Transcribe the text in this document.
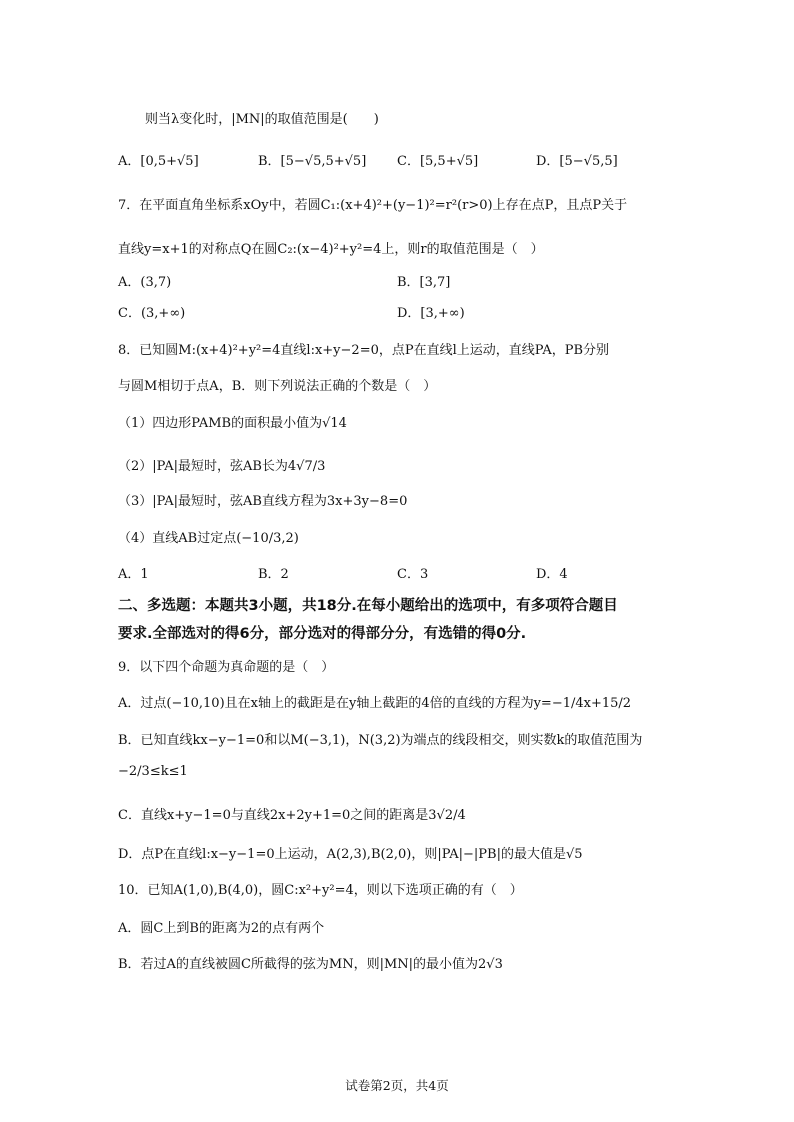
则当λ变化时，|MN|的取值范围是(　　)
A．[0,5+√5]	B．[5−√5,5+√5] C．[5,5+√5]	D．[5−√5,5]
7．在平面直角坐标系xOy中，若圆C₁:(x+4)²+(y−1)²=r²(r>0)上存在点P，且点P关于
直线y=x+1的对称点Q在圆C₂:(x−4)²+y²=4上，则r的取值范围是（　）
A．(3,7)	B．[3,7]
C．(3,+∞)	D．[3,+∞)
8．已知圆M:(x+4)²+y²=4直线l:x+y−2=0，点P在直线l上运动，直线PA，PB分别
与圆M相切于点A，B．则下列说法正确的个数是（　）
（1）四边形PAMB的面积最小值为√14
（2）|PA|最短时，弦AB长为4√7/3
（3）|PA|最短时，弦AB直线方程为3x+3y−8=0
（4）直线AB过定点(−10/3,2)
A．1	B．2	C．3	D．4
二、多选题：本题共3小题，共18分.在每小题给出的选项中，有多项符合题目
要求.全部选对的得6分，部分选对的得部分分，有选错的得0分.
9．以下四个命题为真命题的是（　）
A．过点(−10,10)且在x轴上的截距是在y轴上截距的4倍的直线的方程为y=−1/4x+15/2
B．已知直线kx−y−1=0和以M(−3,1)，N(3,2)为端点的线段相交，则实数k的取值范围为
−2/3≤k≤1
C．直线x+y−1=0与直线2x+2y+1=0之间的距离是3√2/4
D．点P在直线l:x−y−1=0上运动，A(2,3),B(2,0)，则|PA|−|PB|的最大值是√5
10．已知A(1,0),B(4,0)，圆C:x²+y²=4，则以下选项正确的有（　）
A．圆C上到B的距离为2的点有两个
B．若过A的直线被圆C所截得的弦为MN，则|MN|的最小值为2√3
试卷第2页，共4页
